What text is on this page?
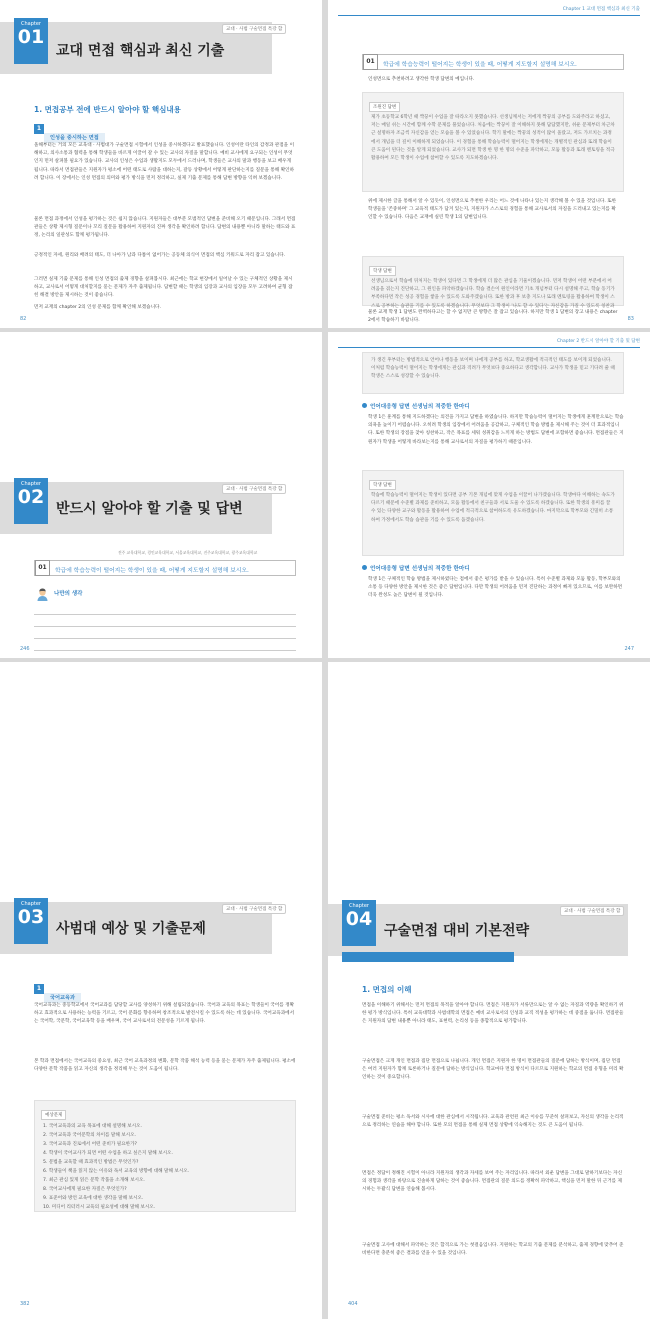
Chapter
01
교대 면접 핵심과 최신 기출
교대 · 사범 구술면접 특강 합
1. 면접공부 전에 반드시 알아야 할 핵심내용
1
인성을 중시하는 면접
올해부터는 거의 모든 교육대 · 사범대가 구술면접 시험에서 인성을 중시하겠다고 발표했습니다. 인성이란 타인의 감정과 관점을 이해하고, 의사소통과 협력을 통해 학생들을 바르게 이끌어 갈 수 있는 교사의 자질을 말합니다. 예비 교사에게 요구되는 인성이 무엇인지 먼저 살펴볼 필요가 있습니다. 교사의 인성은 수업과 생활지도 모두에서 드러나며, 학생들은 교사의 말과 행동을 보고 배우게 됩니다. 따라서 면접관들은 지원자가 평소에 어떤 태도로 사람을 대하는지, 갈등 상황에서 어떻게 판단하는지를 질문을 통해 확인하려 합니다. 이 장에서는 인성 면접의 의미와 평가 방식을 먼저 정리하고, 실제 기출 문제를 통해 답변 방향을 익혀 보겠습니다.
물론 면접 과정에서 인성을 평가하는 것은 쉽지 않습니다. 지원자들은 대부분 모범적인 답변을 준비해 오기 때문입니다. 그래서 면접관들은 상황 제시형 질문이나 꼬리 질문을 활용하여 지원자의 진짜 생각을 확인하려 합니다. 답변의 내용뿐 아니라 말하는 태도와 표정, 논리의 일관성도 함께 평가됩니다.
긍정적인 자세, 원리와 배려의 태도, 더 나아가 남과 다툼이 없어가는 공동체 의식이 면접의 핵심 키워드로 자리 잡고 있습니다.
그러면 실제 기출 문제를 통해 인성 면접의 출제 경향을 살펴봅시다. 최근에는 학교 현장에서 일어날 수 있는 구체적인 상황을 제시하고, 교사로서 어떻게 대처할지를 묻는 문제가 자주 출제됩니다. 답변할 때는 학생의 입장과 교사의 입장을 모두 고려하여 균형 잡힌 해결 방안을 제시하는 것이 좋습니다.
먼저 교재의 chapter 2의 인성 문제를 함께 확인해 보겠습니다.
82
Chapter 1 교대 면접 핵심과 최신 기출
01	학급에 학습능력이 떨어지는 학생이 있을 때, 어떻게 지도할지 설명해 보시오.
인성면으로 추천하려고 생각한 학생 답변의 예입니다.
조원진 답변
제가 초등학교 6학년 때 짝꿍이 수업을 잘 따라오지 못했습니다. 선생님께서는 저에게 짝꿍의 공부를 도와주라고 하셨고, 저는 매일 쉬는 시간에 함께 수학 문제를 풀었습니다. 처음에는 짝꿍이 잘 이해하지 못해 답답했지만, 쉬운 문제부터 차근차근 설명하자 조금씩 자신감을 얻는 모습을 볼 수 있었습니다. 학기 말에는 짝꿍의 성적이 많이 올랐고, 저도 가르치는 과정에서 개념을 더 깊이 이해하게 되었습니다. 이 경험을 통해 학습능력이 떨어지는 학생에게는 개별적인 관심과 또래 학습이 큰 도움이 된다는 것을 알게 되었습니다. 교사가 되면 학생 한 명 한 명의 수준을 파악하고, 모둠 활동과 또래 멘토링을 적극 활용하여 모든 학생이 수업에 참여할 수 있도록 지도하겠습니다.
위에 제시한 글을 통해서 알 수 있듯이, 인성면으로 추천한 우리는 어느 것에 나타나 있는지 생각해 볼 수 있을 것입니다. 또한 학생들을 '존중하며' 그 교육적 태도가 담겨 있는지, 지원자가 스스로의 경험을 통해 교사로서의 자질을 드러내고 있는지를 확인할 수 있습니다. 다음은 교재에 실린 학생 1의 답변입니다.
학생 답변
선생님으로서 학습에 뒤처지는 학생이 있다면 그 학생에게 더 많은 관심을 기울이겠습니다. 먼저 학생이 어떤 부분에서 어려움을 겪는지 진단하고, 그 원인을 파악하겠습니다. 학습 결손이 원인이라면 기초 개념부터 다시 설명해 주고, 학습 동기가 부족하다면 작은 성공 경험을 쌓을 수 있도록 도와주겠습니다. 또한 방과 후 보충 지도나 또래 멘토링을 활용하여 학생이 스스로 공부하는 습관을 기를 수 있도록 하겠습니다. 무엇보다 그 학생이 '나도 할 수 있다'는 자신감을 가질 수 있도록 칭찬과
물론 교재 학생 1 답변도 완벽하다고는 할 수 없지만 큰 방향은 잘 잡고 있습니다. 하지만 학생 1 답변의 장고 내용은 chapter 2에서 학습하기 바랍니다.	83
Chapter
02
반드시 알아야 할 기출 및 답변
교대 · 사범 구술면접 특강 합
전주 교육대학교, 경인교육대학교, 서울교육대학교, 진주교육대학교, 광주교육대학교
01	학급에 학습능력이 떨어지는 학생이 있을 때, 어떻게 지도할지 설명해 보시오.
나만의 생각
246
Chapter 2 반드시 알아야 할 기출 및 답변
가 생긴 후부터는 방법적으로 언어나 행동을 보이며 나에게 공부를 하고, 학교생활에 적극적인 태도를 보이게 되었습니다. 이처럼 학습능력이 떨어지는 학생에게는 관심과 격려가 무엇보다 중요하다고 생각합니다. 교사가 학생을 믿고 기다려 줄 때 학생은 스스로 성장할 수 있습니다.
언어대응형 답변 선생님의 적중한 한마디
학생 1은 훈계를 통해 지도하겠다는 의견을 가지고 답변을 하였습니다. 하지만 학습능력이 떨어지는 학생에게 훈계만으로는 학습 의욕을 높이기 어렵습니다. 오히려 학생의 입장에서 어려움을 공감하고, 구체적인 학습 방법을 제시해 주는 것이 더 효과적입니다. 또한 학생의 장점을 찾아 칭찬하고, 작은 목표를 세워 성취감을 느끼게 하는 방법도 답변에 포함하면 좋습니다. 면접관들은 지원자가 학생을 어떻게 바라보는지를 통해 교사로서의 자질을 평가하기 때문입니다.
학생 답변
학습에 학습능력이 떨어지는 학생이 있다면 공부 기본 개념에 맞게 수업을 이끌어 나가겠습니다. 학생마다 이해하는 속도가 다르기 때문에 수준별 과제를 준비하고, 모둠 활동에서 친구들과 서로 도울 수 있도록 하겠습니다. 또한 학생의 흥미를 끌 수 있는 다양한 교구와 활동을 활용하여 수업에 적극적으로 참여하도록 유도하겠습니다. 마지막으로 학부모와 긴밀히 소통하여 가정에서도 학습 습관을 기를 수 있도록 돕겠습니다.
언어대응형 답변 선생님의 적중한 한마디
학생 1은 구체적인 학습 방법을 제시하였다는 점에서 좋은 평가를 받을 수 있습니다. 특히 수준별 과제와 모둠 활동, 학부모와의 소통 등 다양한 방안을 제시한 것은 좋은 답변입니다. 다만 학생의 어려움을 먼저 진단하는 과정이 빠져 있으므로, 이를 보완하면 더욱 완성도 높은 답변이 될 것입니다.
247
Chapter
03
사범대 예상 및 기출문제
교대 · 사범 구술면접 특강 합
1
국어교육과
국어교육과는 중등학교에서 국어교과를 담당할 교사를 양성하기 위해 설립되었습니다. 국어과 교육의 목표는 학생들이 국어를 정확하고 효과적으로 사용하는 능력을 기르고, 국어 문화를 향유하며 창조적으로 발전시킬 수 있도록 하는 데 있습니다. 국어교육과에서는 국어학, 국문학, 국어교육학 등을 배우며, 국어 교사로서의 전문성을 기르게 됩니다.
본 학과 면접에서는 국어교육의 중요성, 최근 국어 교육과정의 변화, 문학 작품 해석 능력 등을 묻는 문제가 자주 출제됩니다. 평소에 다양한 문학 작품을 읽고 자신의 생각을 정리해 두는 것이 도움이 됩니다.
예상문제
1. 국어교육과의 교육 목표에 대해 설명해 보시오.
2. 국어교육과 국어문학의 차이를 말해 보시오.
3. 국어교육과 진로에서 어떤 준비가 필요한가?
4. 학생이 국어교사가 되면 어떤 수업을 하고 싶은지 말해 보시오.
5. 문법을 교육할 때 효과적인 방법은 무엇인가?
6. 학생들이 책을 읽지 않는 이유와 독서 교육의 방향에 대해 말해 보시오.
7. 최근 관심 있게 읽은 문학 작품을 소개해 보시오.
8. 국어교사에게 필요한 자질은 무엇인가?
9. 표준어와 방언 교육에 대한 생각을 말해 보시오.
10. 미디어 리터러시 교육의 필요성에 대해 말해 보시오.
382
Chapter
04
구술면접 대비 기본전략
교대 · 사범 구술면접 특강 합
실전 사범면접 현재 대비를 위해 꼭 알아야 할 TIP
1. 면접의 이해
면접을 이해하기 위해서는 먼저 면접의 목적을 알아야 합니다. 면접은 지원자가 서류만으로는 알 수 없는 자질과 역량을 확인하기 위한 평가 방식입니다. 특히 교육대학과 사범대학의 면접은 예비 교사로서의 인성과 교직 적성을 평가하는 데 중점을 둡니다. 면접관들은 지원자의 답변 내용뿐 아니라 태도, 표현력, 논리성 등을 종합적으로 평가합니다.
구술면접은 크게 개인 면접과 집단 면접으로 나뉩니다. 개인 면접은 지원자 한 명이 면접관들의 질문에 답하는 방식이며, 집단 면접은 여러 지원자가 함께 토론하거나 질문에 답하는 방식입니다. 학교마다 면접 방식이 다르므로 지원하는 학교의 면접 유형을 미리 확인하는 것이 중요합니다.
구술면접 준비는 평소 독서와 시사에 대한 관심에서 시작됩니다. 교육과 관련된 최근 이슈를 꾸준히 살펴보고, 자신의 생각을 논리적으로 정리하는 연습을 해야 합니다. 또한 모의 면접을 통해 실제 면접 상황에 익숙해지는 것도 큰 도움이 됩니다.
면접은 정답이 정해진 시험이 아니라 지원자의 생각과 자세를 보여 주는 자리입니다. 따라서 외운 답변을 그대로 말하기보다는 자신의 경험과 생각을 바탕으로 진솔하게 답하는 것이 좋습니다. 면접관의 질문 의도를 정확히 파악하고, 핵심을 먼저 말한 뒤 근거를 제시하는 두괄식 답변을 연습해 봅시다.
구술면접 고사에 대해서 파악하는 것은 합격으로 가는 첫걸음입니다. 지원하는 학교의 기출 문제를 분석하고, 출제 경향에 맞추어 준비한다면 충분히 좋은 결과를 얻을 수 있을 것입니다.
404
